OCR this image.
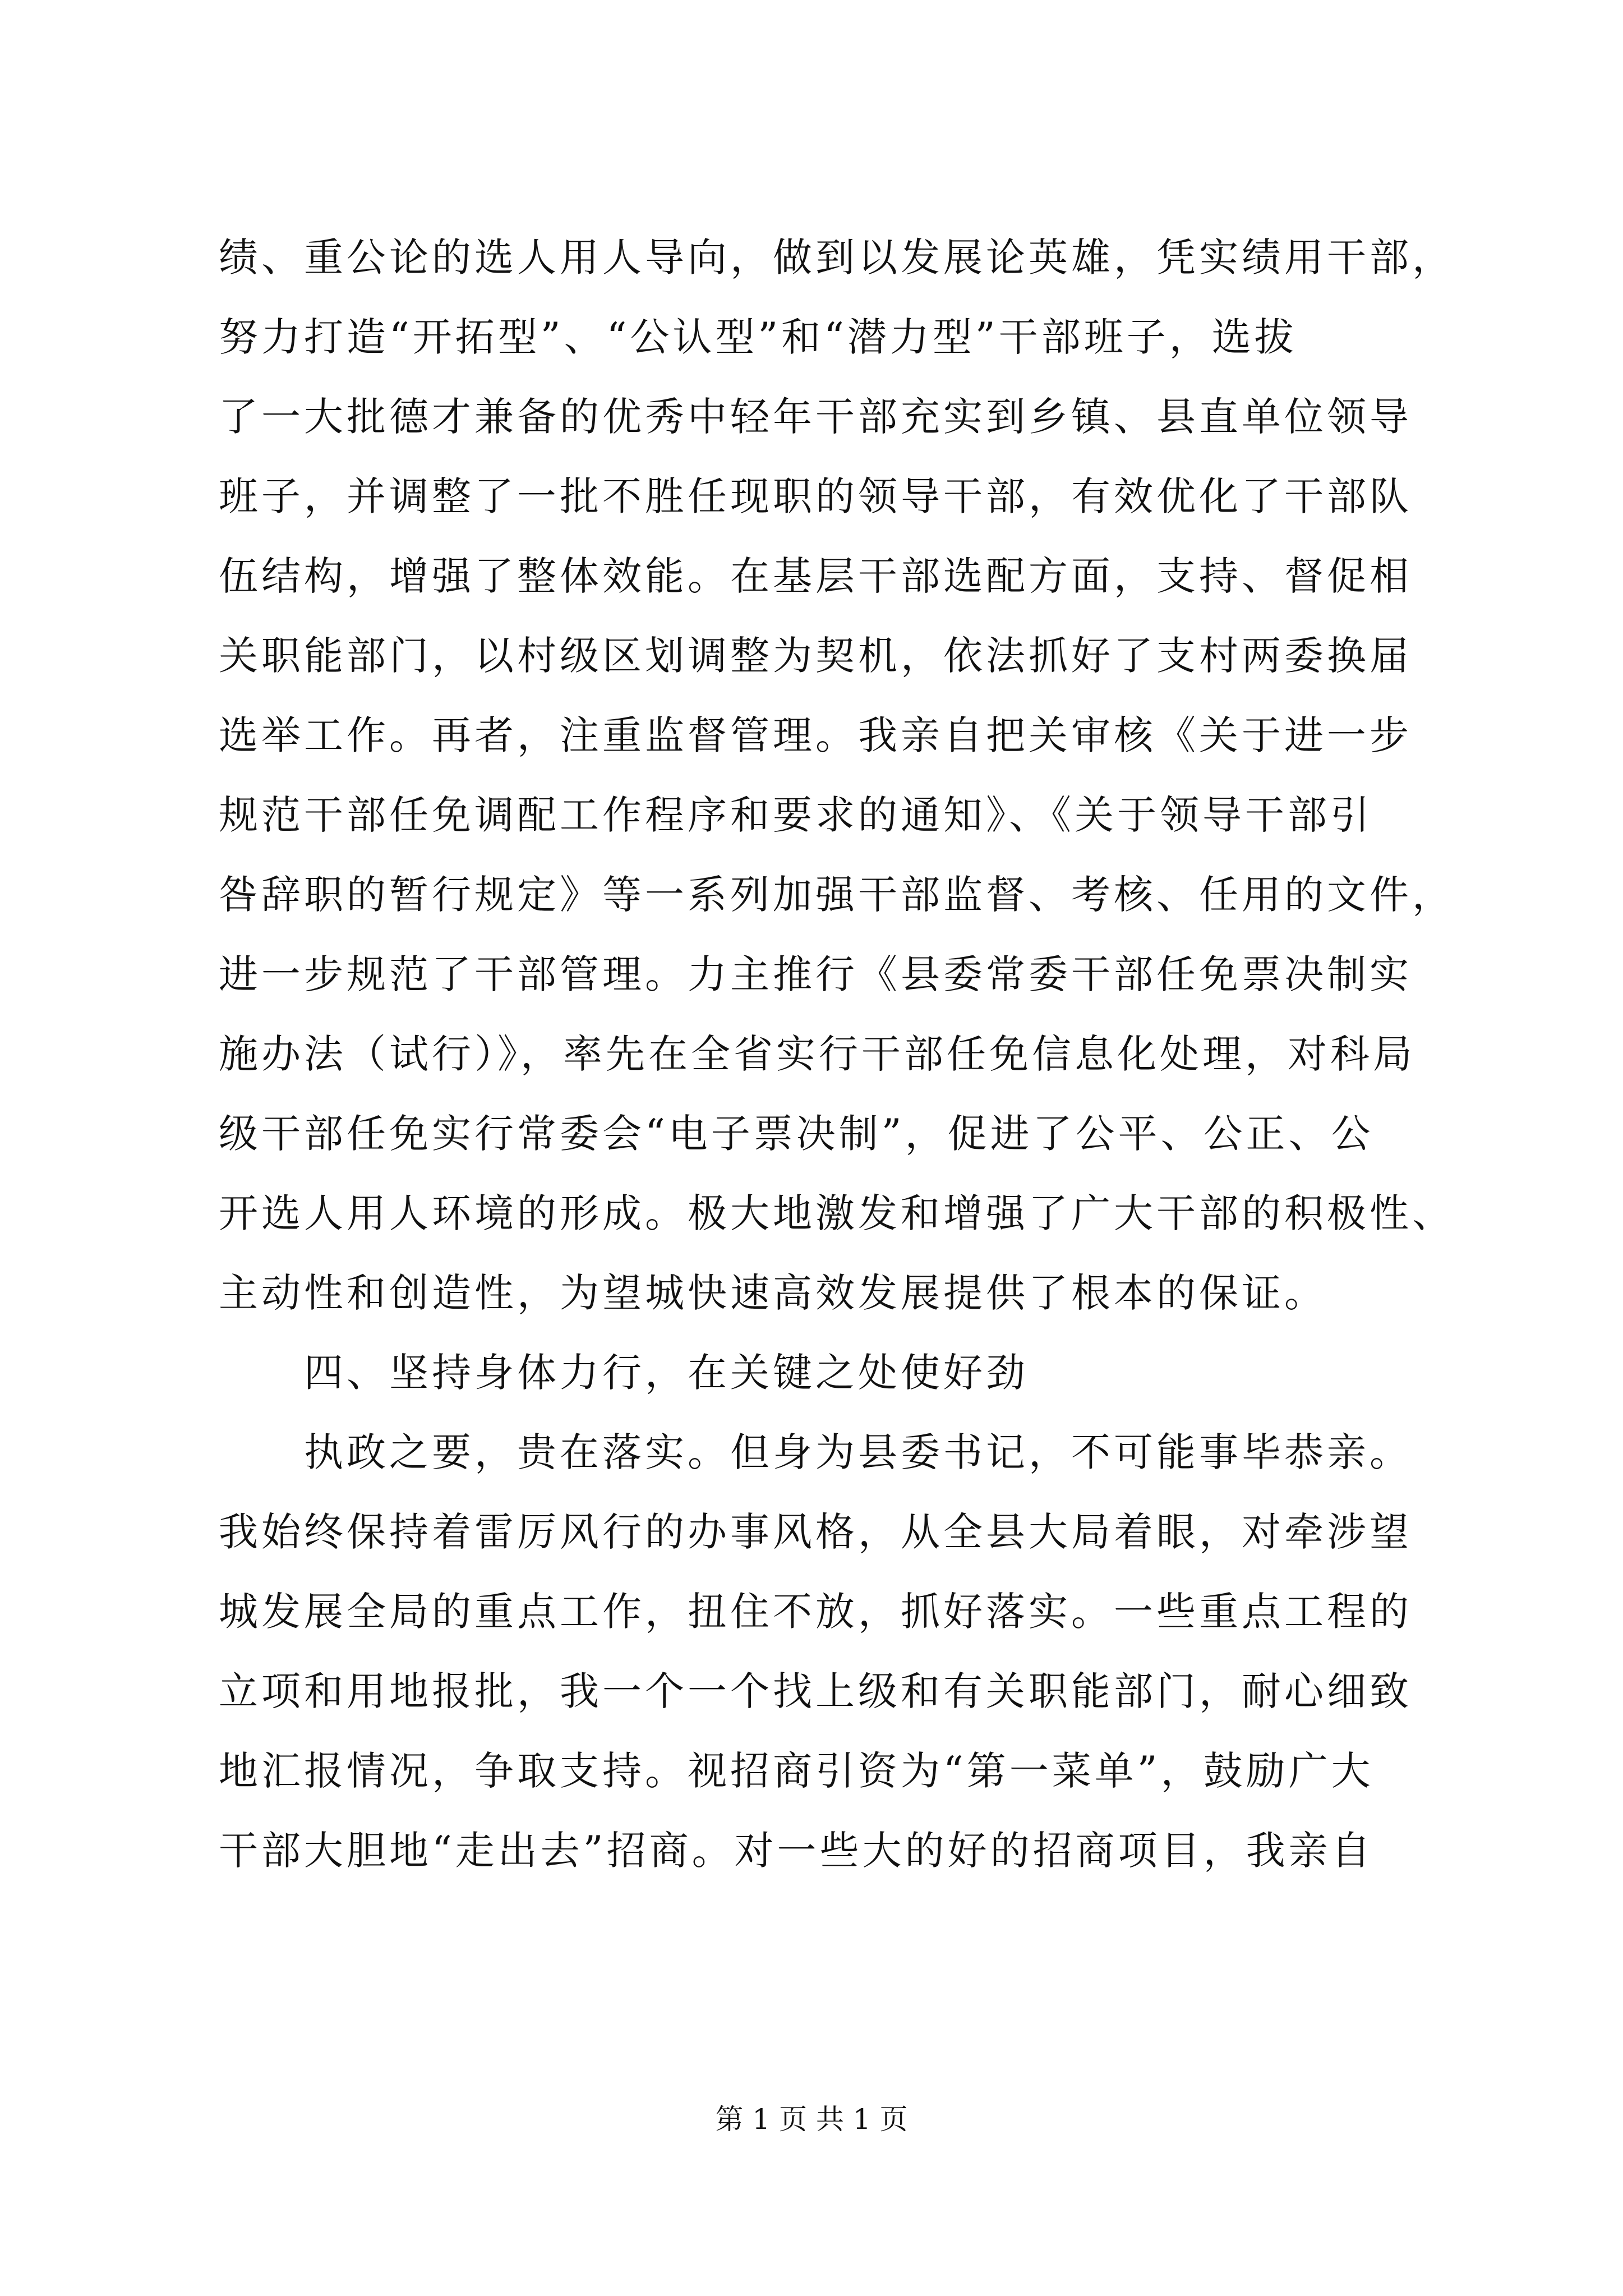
绩、重公论的选人用人导向，做到以发展论英雄，凭实绩用干部，
努力打造“开拓型”、“公认型”和“潜力型”干部班子，选拔
了一大批德才兼备的优秀中轻年干部充实到乡镇、县直单位领导
班子，并调整了一批不胜任现职的领导干部，有效优化了干部队
伍结构，增强了整体效能。在基层干部选配方面，支持、督促相
关职能部门，以村级区划调整为契机，依法抓好了支村两委换届
选举工作。再者，注重监督管理。我亲自把关审核《关于进一步
规范干部任免调配工作程序和要求的通知》、《关于领导干部引
咎辞职的暂行规定》等一系列加强干部监督、考核、任用的文件，
进一步规范了干部管理。力主推行《县委常委干部任免票决制实
施办法（试行）》，率先在全省实行干部任免信息化处理，对科局
级干部任免实行常委会“电子票决制”，促进了公平、公正、公
开选人用人环境的形成。极大地激发和增强了广大干部的积极性、
主动性和创造性，为望城快速高效发展提供了根本的保证。
四、坚持身体力行，在关键之处使好劲
执政之要，贵在落实。但身为县委书记，不可能事毕恭亲。
我始终保持着雷厉风行的办事风格，从全县大局着眼，对牵涉望
城发展全局的重点工作，扭住不放，抓好落实。一些重点工程的
立项和用地报批，我一个一个找上级和有关职能部门，耐心细致
地汇报情况，争取支持。视招商引资为“第一菜单”，鼓励广大
干部大胆地“走出去”招商。对一些大的好的招商项目，我亲自
第 1 页 共 1 页
